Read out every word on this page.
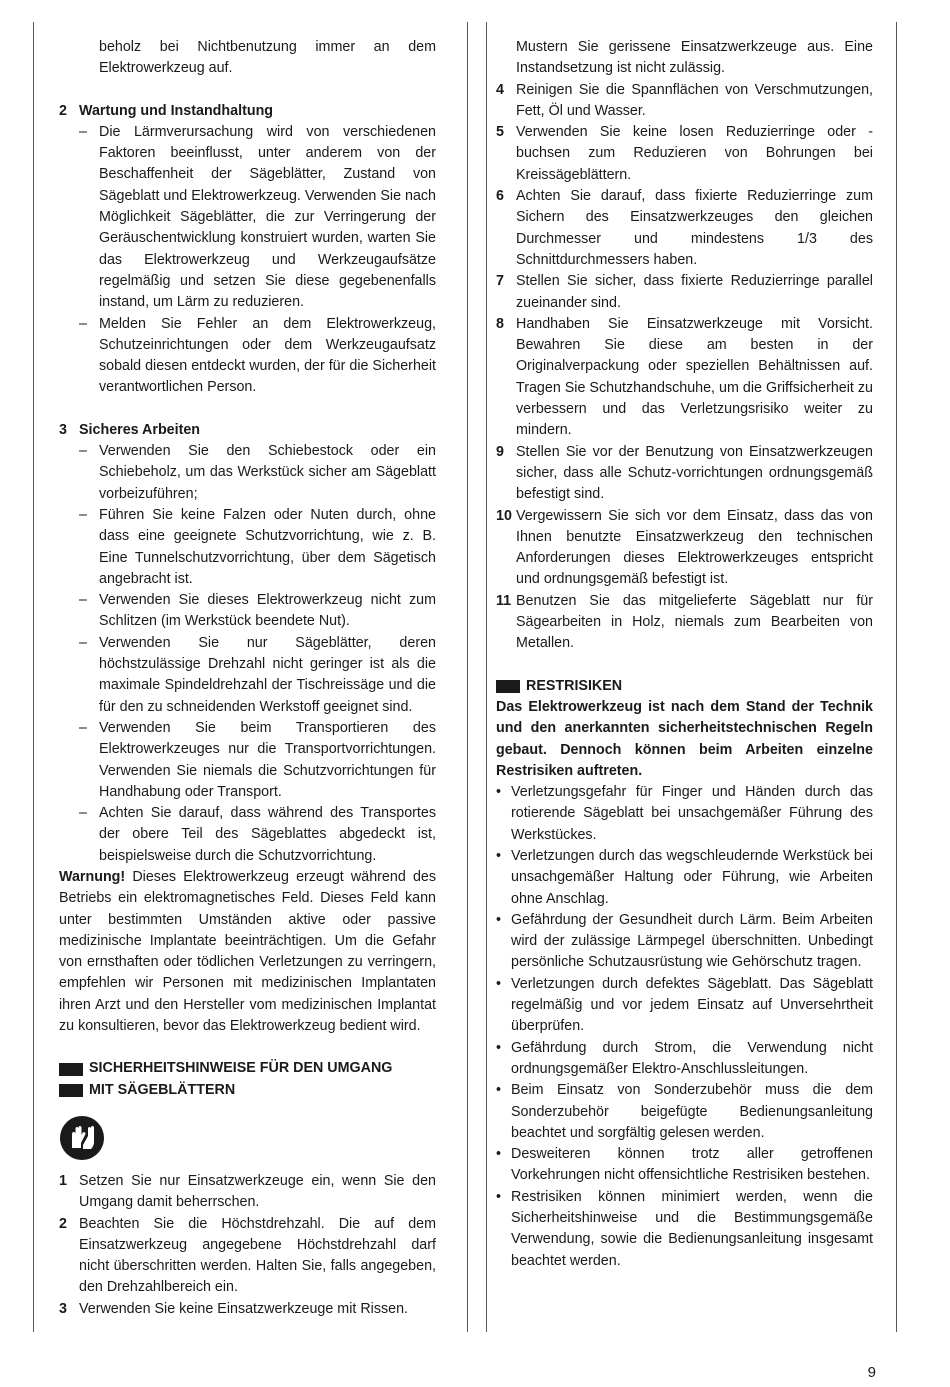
beholz bei Nichtbenutzung immer an dem Elektrowerkzeug auf.

2 Wartung und Instandhaltung
– Die Lärmverursachung wird von verschiedenen Faktoren beeinflusst, unter anderem von der Beschaffenheit der Sägeblätter, Zustand von Sägeblatt und Elektrowerkzeug. Verwenden Sie nach Möglichkeit Sägeblätter, die zur Verringerung der Geräuschentwicklung konstruiert wurden, warten Sie das Elektrowerkzeug und Werkzeugaufsätze regelmäßig und setzen Sie diese gegebenenfalls instand, um Lärm zu reduzieren.
– Melden Sie Fehler an dem Elektrowerkzeug, Schutzeinrichtungen oder dem Werkzeugaufsatz sobald diesen entdeckt wurden, der für die Sicherheit verantwortlichen Person.
3 Sicheres Arbeiten
– Verwenden Sie den Schiebestock oder ein Schiebeholz, um das Werkstück sicher am Sägeblatt vorbeizuführen;
– Führen Sie keine Falzen oder Nuten durch, ohne dass eine geeignete Schutzvorrichtung, wie z. B. Eine Tunnelschutzvorrichtung, über dem Sägetisch angebracht ist.
– Verwenden Sie dieses Elektrowerkzeug nicht zum Schlitzen (im Werkstück beendete Nut).
– Verwenden Sie nur Sägeblätter, deren höchstzulässige Drehzahl nicht geringer ist als die maximale Spindeldrehzahl der Tischreissäge und die für den zu schneidenden Werkstoff geeignet sind.
– Verwenden Sie beim Transportieren des Elektrowerkzeuges nur die Transportvorrichtungen. Verwenden Sie niemals die Schutzvorrichtungen für Handhabung oder Transport.
– Achten Sie darauf, dass während des Transportes der obere Teil des Sägeblattes abgedeckt ist, beispielsweise durch die Schutzvorrichtung.

Warnung! Dieses Elektrowerkzeug erzeugt während des Betriebs ein elektromagnetisches Feld. Dieses Feld kann unter bestimmten Umständen aktive oder passive medizinische Implantate beeinträchtigen. Um die Gefahr von ernsthaften oder tödlichen Verletzungen zu verringern, empfehlen wir Personen mit medizinischen Implantaten ihren Arzt und den Hersteller vom medizinischen Implantat zu konsultieren, bevor das Elektrowerkzeug bedient wird.

SICHERHEITSHINWEISE FÜR DEN UMGANG
MIT SÄGEBLÄTTERN
1 Setzen Sie nur Einsatzwerkzeuge ein, wenn Sie den Umgang damit beherrschen.
2 Beachten Sie die Höchstdrehzahl. Die auf dem Einsatzwerkzeug angegebene Höchstdrehzahl darf nicht überschritten werden. Halten Sie, falls angegeben, den Drehzahlbereich ein.
3 Verwenden Sie keine Einsatzwerkzeuge mit Rissen.

Mustern Sie gerissene Einsatzwerkzeuge aus. Eine Instandsetzung ist nicht zulässig.

4 Reinigen Sie die Spannflächen von Verschmutzungen, Fett, Öl und Wasser.
5 Verwenden Sie keine losen Reduzierringe oder -buchsen zum Reduzieren von Bohrungen bei Kreissägeblättern.
6 Achten Sie darauf, dass fixierte Reduzierringe zum Sichern des Einsatzwerkzeuges den gleichen Durchmesser und mindestens 1/3 des Schnittdurchmessers haben.
7 Stellen Sie sicher, dass fixierte Reduzierringe parallel zueinander sind.
8 Handhaben Sie Einsatzwerkzeuge mit Vorsicht. Bewahren Sie diese am besten in der Originalverpackung oder speziellen Behältnissen auf. Tragen Sie Schutzhandschuhe, um die Griffsicherheit zu verbessern und das Verletzungsrisiko weiter zu mindern.
9 Stellen Sie vor der Benutzung von Einsatzwerkzeugen sicher, dass alle Schutz-vorrichtungen ordnungsgemäß befestigt sind.
10 Vergewissern Sie sich vor dem Einsatz, dass das von Ihnen benutzte Einsatzwerkzeug den technischen Anforderungen dieses Elektrowerkzeuges entspricht und ordnungsgemäß befestigt ist.
11 Benutzen Sie das mitgelieferte Sägeblatt nur für Sägearbeiten in Holz, niemals zum Bearbeiten von Metallen.
RESTRISIKEN

Das Elektrowerkzeug ist nach dem Stand der Technik und den anerkannten sicherheitstechnischen Regeln gebaut. Dennoch können beim Arbeiten einzelne Restrisiken auftreten.

• Verletzungsgefahr für Finger und Händen durch das rotierende Sägeblatt bei unsachgemäßer Führung des Werkstückes.
• Verletzungen durch das wegschleudernde Werkstück bei unsachgemäßer Haltung oder Führung, wie Arbeiten ohne Anschlag.
• Gefährdung der Gesundheit durch Lärm. Beim Arbeiten wird der zulässige Lärmpegel überschnitten. Unbedingt persönliche Schutzausrüstung wie Gehörschutz tragen.
• Verletzungen durch defektes Sägeblatt. Das Sägeblatt regelmäßig und vor jedem Einsatz auf Unversehrtheit überprüfen.
• Gefährdung durch Strom, die Verwendung nicht ordnungsgemäßer Elektro-Anschlussleitungen.
• Beim Einsatz von Sonderzubehör muss die dem Sonderzubehör beigefügte Bedienungsanleitung beachtet und sorgfältig gelesen werden.
• Desweiteren können trotz aller getroffenen Vorkehrungen nicht offensichtliche Restrisiken bestehen.
• Restrisiken können minimiert werden, wenn die Sicherheitshinweise und die Bestimmungsgemäße Verwendung, sowie die Bedienungsanleitung insgesamt beachtet werden.
9
